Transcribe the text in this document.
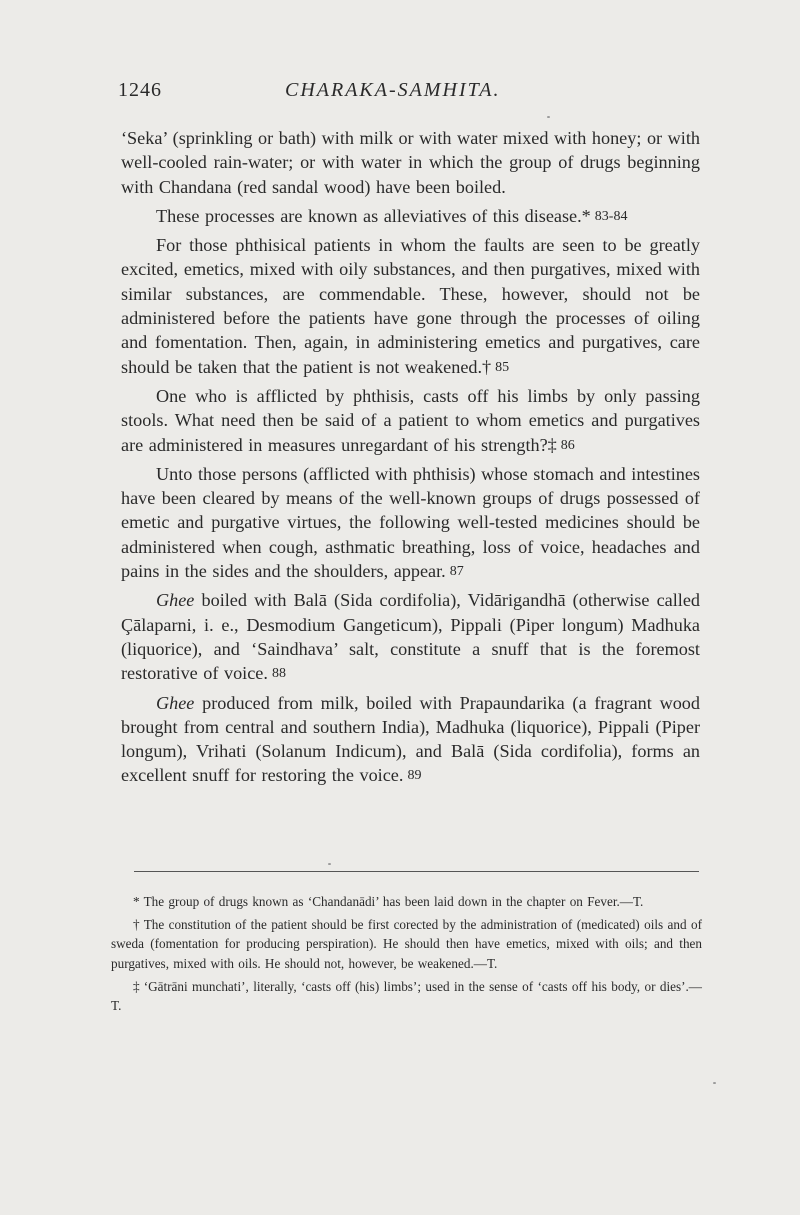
1246	CHARAKA-SAMHITA.

‘Seka’ (sprinkling or bath) with milk or with water mixed with honey; or with well-cooled rain-water; or with water in which the group of drugs beginning with Chandana (red sandal wood) have been boiled.

These processes are known as alleviatives of this disease.* 83-84

For those phthisical patients in whom the faults are seen to be greatly excited, emetics, mixed with oily substances, and then purgatives, mixed with similar substances, are commendable. These, however, should not be administered before the patients have gone through the processes of oiling and fomentation. Then, again, in administering emetics and purgatives, care should be taken that the patient is not weakened.† 85

One who is afflicted by phthisis, casts off his limbs by only passing stools. What need then be said of a patient to whom emetics and purgatives are administered in measures unregardant of his strength?‡ 86

Unto those persons (afflicted with phthisis) whose stomach and intestines have been cleared by means of the well-known groups of drugs possessed of emetic and purgative virtues, the following well-tested medicines should be administered when cough, asthmatic breathing, loss of voice, headaches and pains in the sides and the shoulders, appear. 87

Ghee boiled with Balā (Sida cordifolia), Vidārigandhā (otherwise called Çālaparni, i. e., Desmodium Gangeticum), Pippali (Piper longum) Madhuka (liquorice), and ‘Saindhava’ salt, constitute a snuff that is the foremost restorative of voice. 88

Ghee produced from milk, boiled with Prapaundarika (a fragrant wood brought from central and southern India), Madhuka (liquorice), Pippali (Piper longum), Vrihati (Solanum Indicum), and Balā (Sida cordifolia), forms an excellent snuff for restoring the voice. 89

* The group of drugs known as ‘Chandanādi’ has been laid down in the chapter on Fever.—T.

† The constitution of the patient should be first corected by the administration of (medicated) oils and of sweda (fomentation for producing perspiration). He should then have emetics, mixed with oils; and then purgatives, mixed with oils. He should not, however, be weakened.—T.

‡ ‘Gātrāni munchati’, literally, ‘casts off (his) limbs’; used in the sense of ‘casts off his body, or dies’.—T.
